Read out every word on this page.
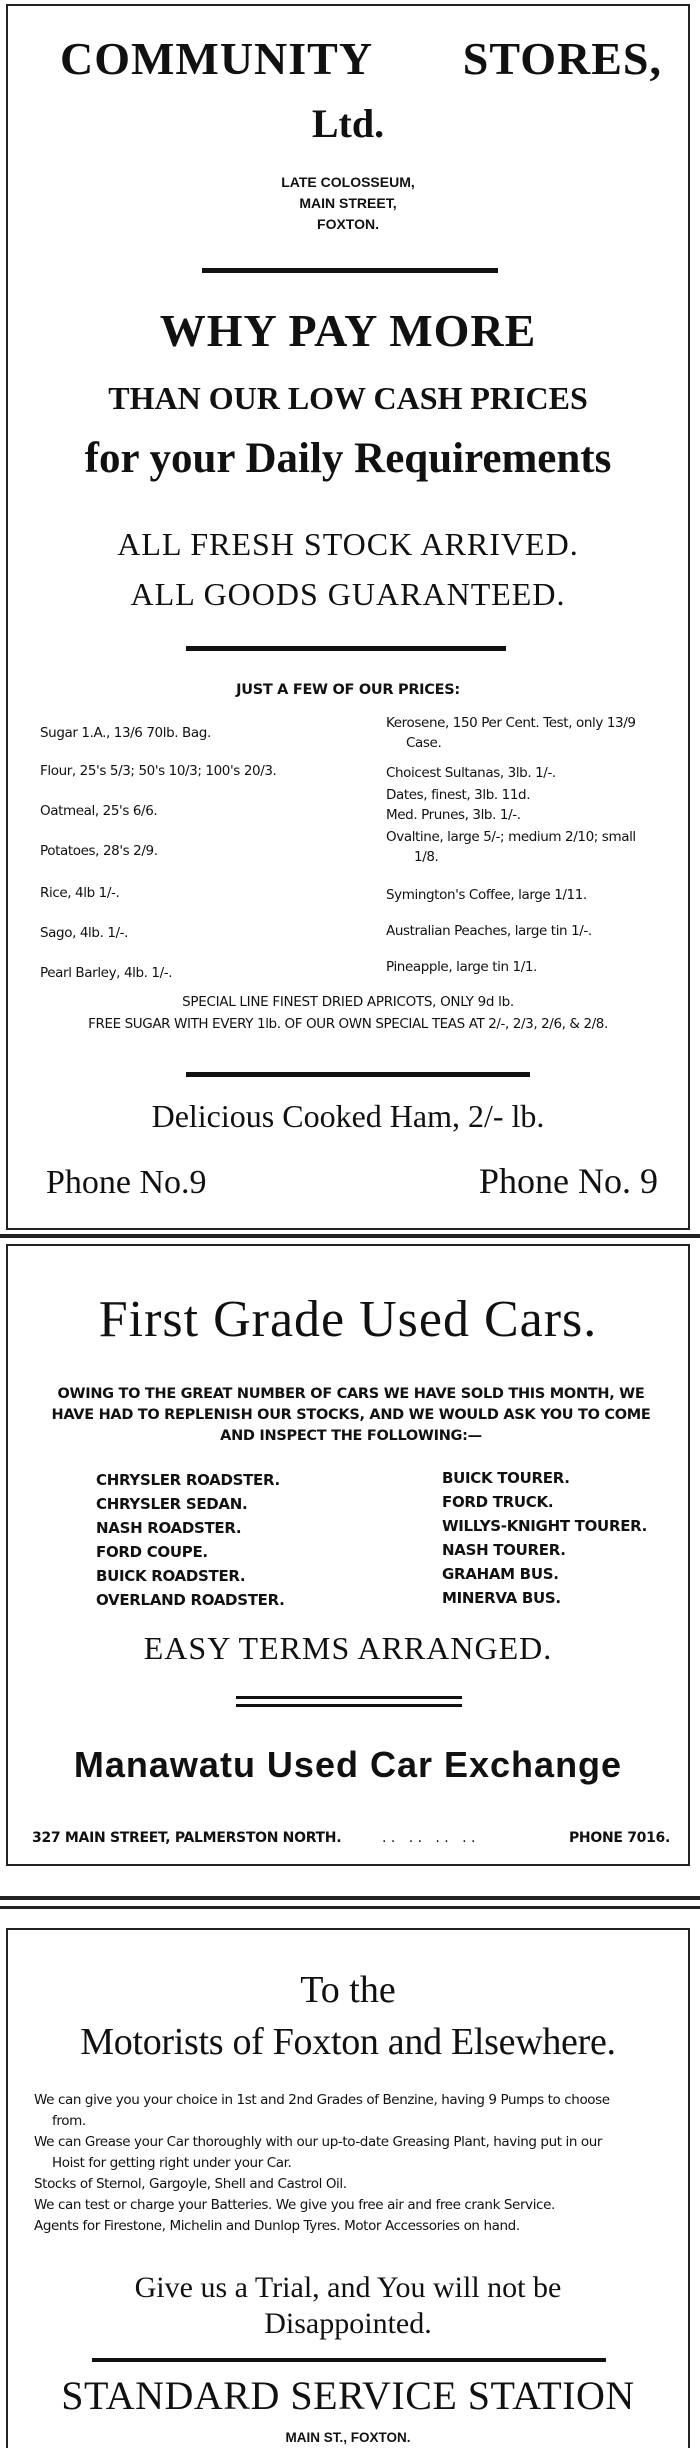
COMMUNITY STORES,
Ltd.
LATE COLOSSEUM,
MAIN STREET,
FOXTON.
WHY PAY MORE
THAN OUR LOW CASH PRICES
for your Daily Requirements
ALL FRESH STOCK ARRIVED.
ALL GOODS GUARANTEED.
JUST A FEW OF OUR PRICES:
Sugar 1.A., 13/6 70lb. Bag.
Flour, 25's 5/3; 50's 10/3; 100's 20/3.
Oatmeal, 25's 6/6.
Potatoes, 28's 2/9.
Rice, 4lb 1/-.
Sago, 4lb. 1/-.
Pearl Barley, 4lb. 1/-.
Kerosene, 150 Per Cent. Test, only 13/9
Case.
Choicest Sultanas, 3lb. 1/-.
Dates, finest, 3lb. 11d.
Med. Prunes, 3lb. 1/-.
Ovaltine, large 5/-; medium 2/10; small
1/8.
Symington's Coffee, large 1/11.
Australian Peaches, large tin 1/-.
Pineapple, large tin 1/1.
SPECIAL LINE FINEST DRIED APRICOTS, ONLY 9d lb.
FREE SUGAR WITH EVERY 1lb. OF OUR OWN SPECIAL TEAS AT 2/-, 2/3, 2/6, & 2/8.
Delicious Cooked Ham, 2/- lb.
Phone No.9	Phone No. 9
First Grade Used Cars.
OWING TO THE GREAT NUMBER OF CARS WE HAVE SOLD THIS MONTH, WE HAVE HAD TO REPLENISH OUR STOCKS, AND WE WOULD ASK YOU TO COME AND INSPECT THE FOLLOWING:—
CHRYSLER ROADSTER.
CHRYSLER SEDAN.
NASH ROADSTER.
FORD COUPE.
BUICK ROADSTER.
OVERLAND ROADSTER.
BUICK TOURER.
FORD TRUCK.
WILLYS-KNIGHT TOURER.
NASH TOURER.
GRAHAM BUS.
MINERVA BUS.
EASY TERMS ARRANGED.
Manawatu Used Car Exchange
327 MAIN STREET, PALMERSTON NORTH.	. .   . .   . .   . .	PHONE 7016.
To the
Motorists of Foxton and Elsewhere.
We can give you your choice in 1st and 2nd Grades of Benzine, having 9 Pumps to choose
from.
We can Grease your Car thoroughly with our up-to-date Greasing Plant, having put in our
Hoist for getting right under your Car.
Stocks of Sternol, Gargoyle, Shell and Castrol Oil.
We can test or charge your Batteries. We give you free air and free crank Service.
Agents for Firestone, Michelin and Dunlop Tyres. Motor Accessories on hand.
Give us a Trial, and You will not be
Disappointed.
STANDARD SERVICE STATION
MAIN ST., FOXTON.
